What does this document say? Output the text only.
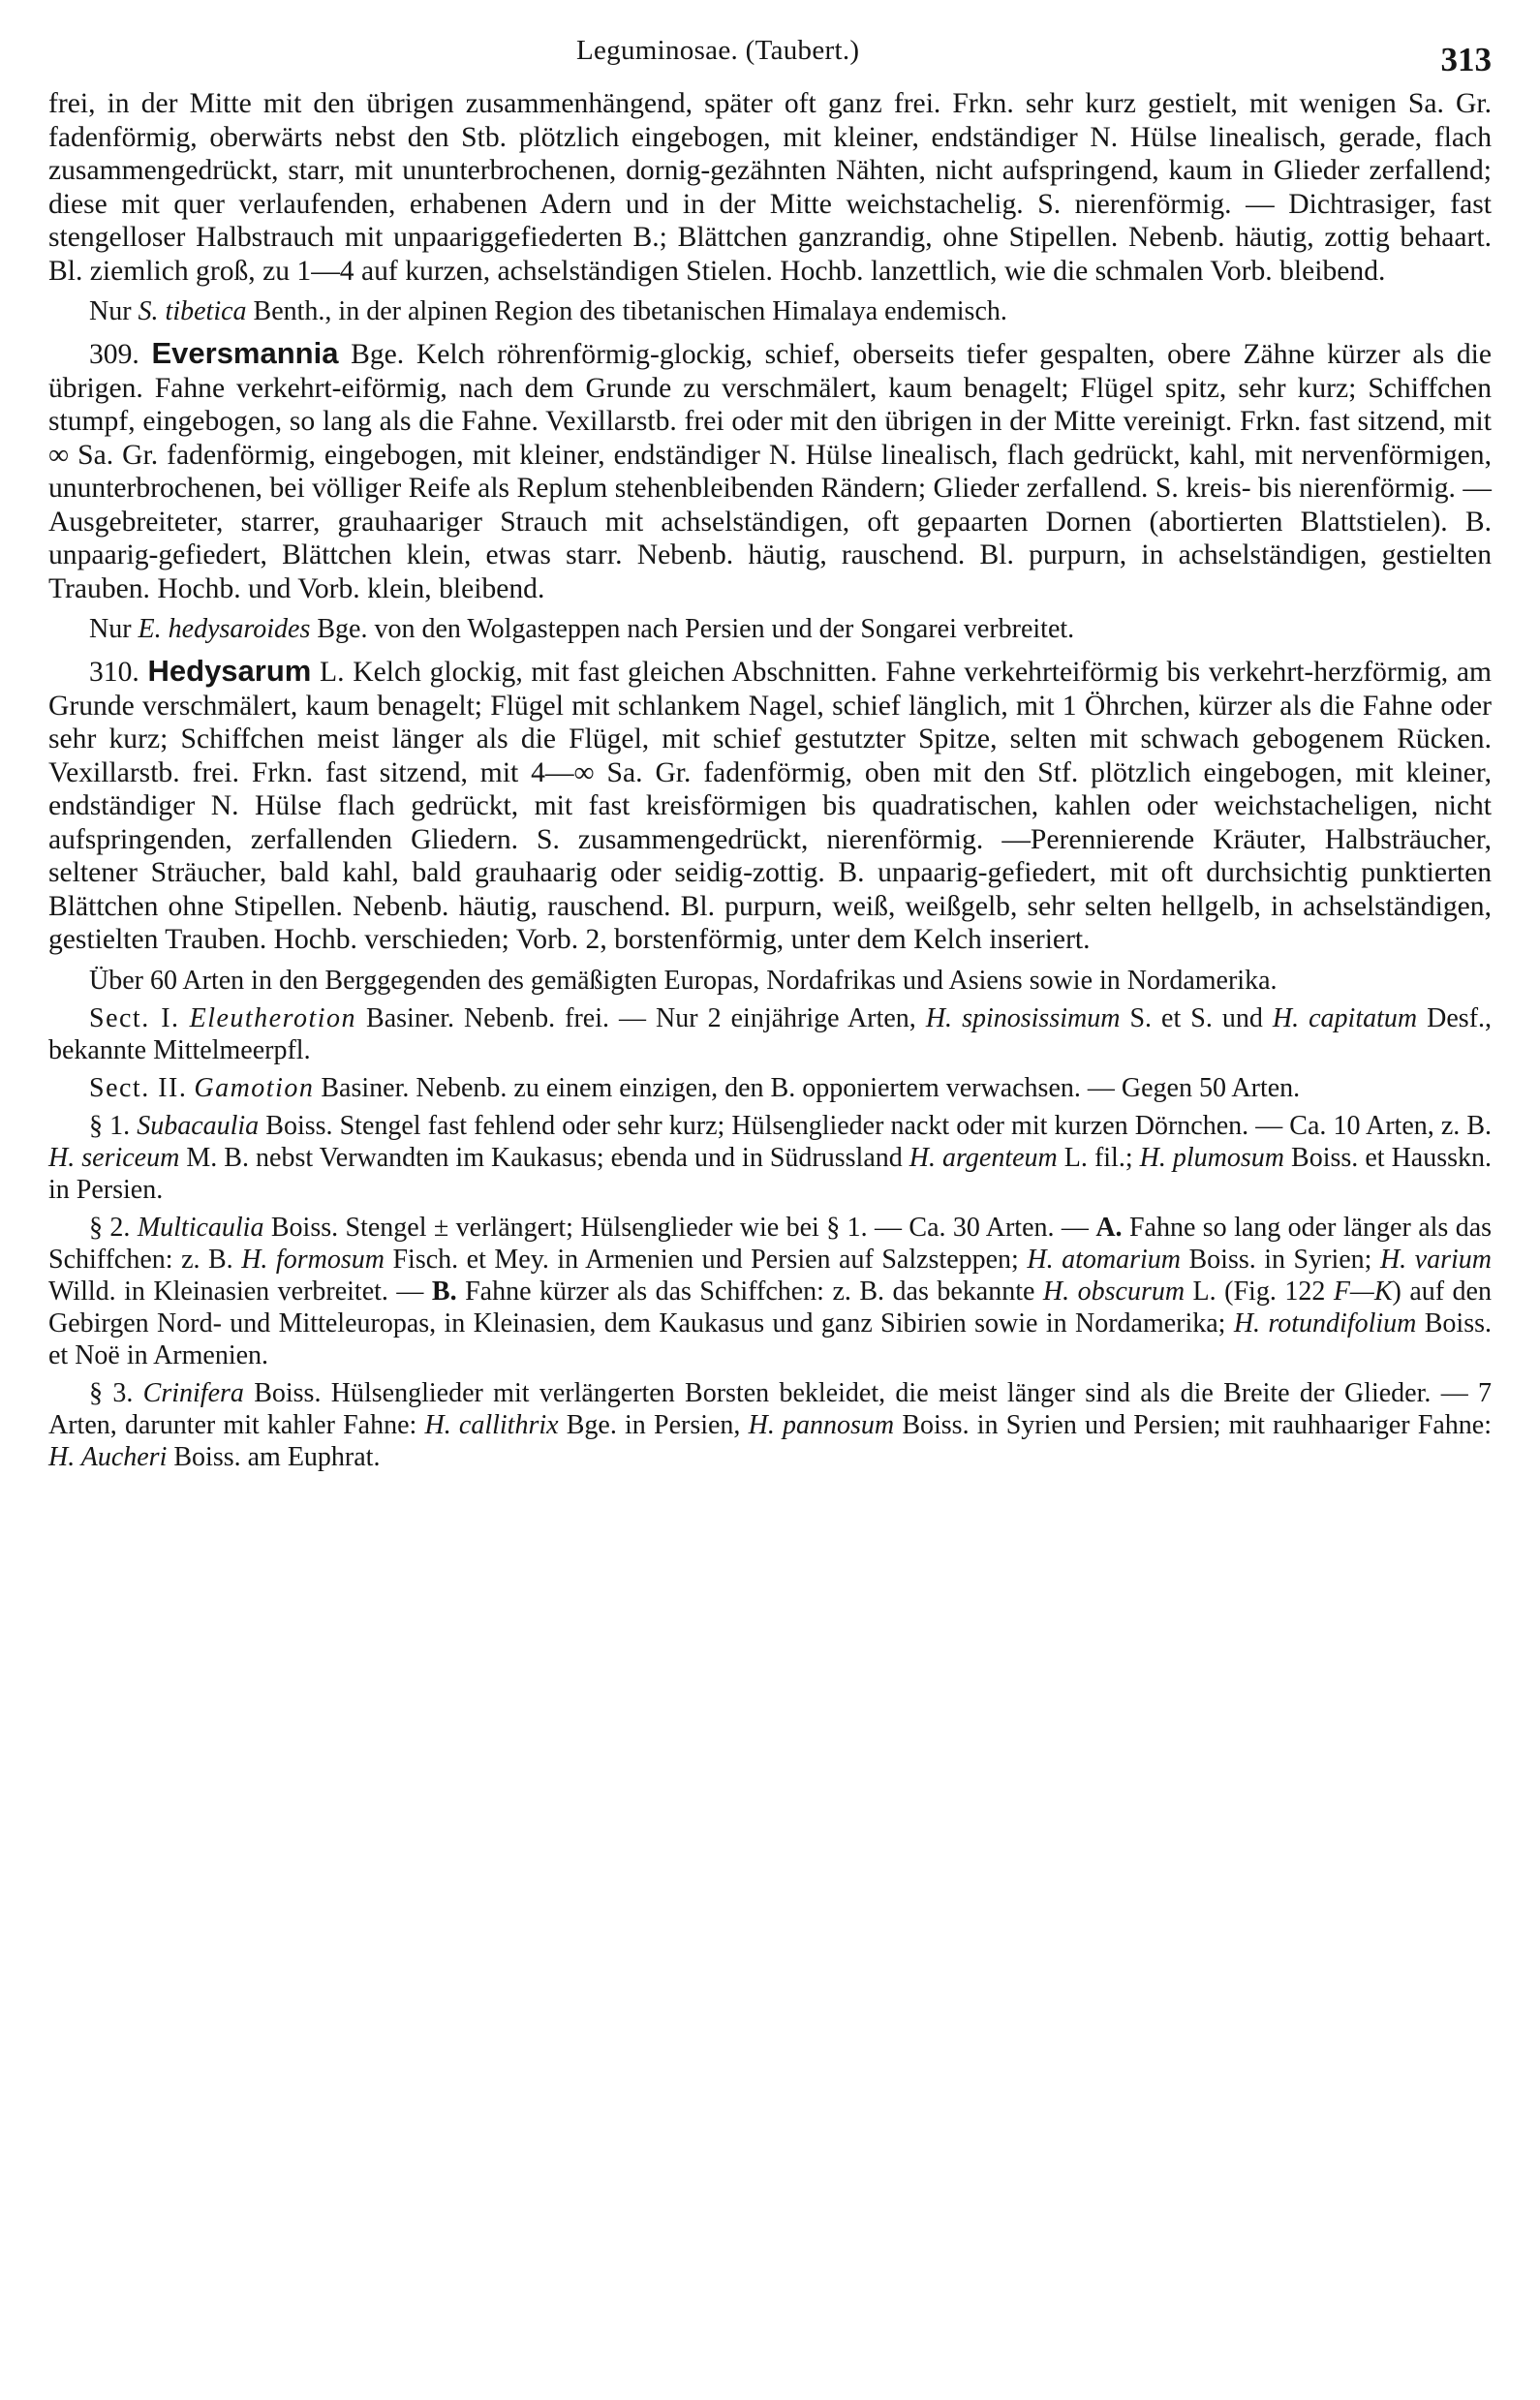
Leguminosae. (Taubert.)	313

frei, in der Mitte mit den übrigen zusammenhängend, später oft ganz frei. Frkn. sehr kurz gestielt, mit wenigen Sa. Gr. fadenförmig, oberwärts nebst den Stb. plötzlich eingebogen, mit kleiner, endständiger N. Hülse linealisch, gerade, flach zusammengedrückt, starr, mit ununterbrochenen, dornig-gezähnten Nähten, nicht aufspringend, kaum in Glieder zerfallend; diese mit quer verlaufenden, erhabenen Adern und in der Mitte weichstachelig. S. nierenförmig. — Dichtrasiger, fast stengelloser Halbstrauch mit unpaariggefiederten B.; Blättchen ganzrandig, ohne Stipellen. Nebenb. häutig, zottig behaart. Bl. ziemlich groß, zu 1—4 auf kurzen, achselständigen Stielen. Hochb. lanzettlich, wie die schmalen Vorb. bleibend.

Nur S. tibetica Benth., in der alpinen Region des tibetanischen Himalaya endemisch.

309. Eversmannia Bge. Kelch röhrenförmig-glockig, schief, oberseits tiefer gespalten, obere Zähne kürzer als die übrigen. Fahne verkehrt-eiförmig, nach dem Grunde zu verschmälert, kaum benagelt; Flügel spitz, sehr kurz; Schiffchen stumpf, eingebogen, so lang als die Fahne. Vexillarstb. frei oder mit den übrigen in der Mitte vereinigt. Frkn. fast sitzend, mit ∞ Sa. Gr. fadenförmig, eingebogen, mit kleiner, endständiger N. Hülse linealisch, flach gedrückt, kahl, mit nervenförmigen, ununterbrochenen, bei völliger Reife als Replum stehenbleibenden Rändern; Glieder zerfallend. S. kreis- bis nierenförmig. — Ausgebreiteter, starrer, grauhaariger Strauch mit achselständigen, oft gepaarten Dornen (abortierten Blattstielen). B. unpaarig-gefiedert, Blättchen klein, etwas starr. Nebenb. häutig, rauschend. Bl. purpurn, in achselständigen, gestielten Trauben. Hochb. und Vorb. klein, bleibend.

Nur E. hedysaroides Bge. von den Wolgasteppen nach Persien und der Songarei verbreitet.

310. Hedysarum L. Kelch glockig, mit fast gleichen Abschnitten. Fahne verkehrteiförmig bis verkehrt-herzförmig, am Grunde verschmälert, kaum benagelt; Flügel mit schlankem Nagel, schief länglich, mit 1 Öhrchen, kürzer als die Fahne oder sehr kurz; Schiffchen meist länger als die Flügel, mit schief gestutzter Spitze, selten mit schwach gebogenem Rücken. Vexillarstb. frei. Frkn. fast sitzend, mit 4—∞ Sa. Gr. fadenförmig, oben mit den Stf. plötzlich eingebogen, mit kleiner, endständiger N. Hülse flach gedrückt, mit fast kreisförmigen bis quadratischen, kahlen oder weichstacheligen, nicht aufspringenden, zerfallenden Gliedern. S. zusammengedrückt, nierenförmig. —Perennierende Kräuter, Halbsträucher, seltener Sträucher, bald kahl, bald grauhaarig oder seidig-zottig. B. unpaarig-gefiedert, mit oft durchsichtig punktierten Blättchen ohne Stipellen. Nebenb. häutig, rauschend. Bl. purpurn, weiß, weißgelb, sehr selten hellgelb, in achselständigen, gestielten Trauben. Hochb. verschieden; Vorb. 2, borstenförmig, unter dem Kelch inseriert.

Über 60 Arten in den Berggegenden des gemäßigten Europas, Nordafrikas und Asiens sowie in Nordamerika.

Sect. I. Eleutherotion Basiner. Nebenb. frei. — Nur 2 einjährige Arten, H. spinosissimum S. et S. und H. capitatum Desf., bekannte Mittelmeerpfl.

Sect. II. Gamotion Basiner. Nebenb. zu einem einzigen, den B. opponiertem verwachsen. — Gegen 50 Arten.

§ 1. Subacaulia Boiss. Stengel fast fehlend oder sehr kurz; Hülsenglieder nackt oder mit kurzen Dörnchen. — Ca. 10 Arten, z. B. H. sericeum M. B. nebst Verwandten im Kaukasus; ebenda und in Südrussland H. argenteum L. fil.; H. plumosum Boiss. et Hausskn. in Persien.

§ 2. Multicaulia Boiss. Stengel ± verlängert; Hülsenglieder wie bei § 1. — Ca. 30 Arten. — A. Fahne so lang oder länger als das Schiffchen: z. B. H. formosum Fisch. et Mey. in Armenien und Persien auf Salzsteppen; H. atomarium Boiss. in Syrien; H. varium Willd. in Kleinasien verbreitet. — B. Fahne kürzer als das Schiffchen: z. B. das bekannte H. obscurum L. (Fig. 122 F—K) auf den Gebirgen Nord- und Mitteleuropas, in Kleinasien, dem Kaukasus und ganz Sibirien sowie in Nordamerika; H. rotundifolium Boiss. et Noë in Armenien.

§ 3. Crinifera Boiss. Hülsenglieder mit verlängerten Borsten bekleidet, die meist länger sind als die Breite der Glieder. — 7 Arten, darunter mit kahler Fahne: H. callithrix Bge. in Persien, H. pannosum Boiss. in Syrien und Persien; mit rauhhaariger Fahne: H. Aucheri Boiss. am Euphrat.
